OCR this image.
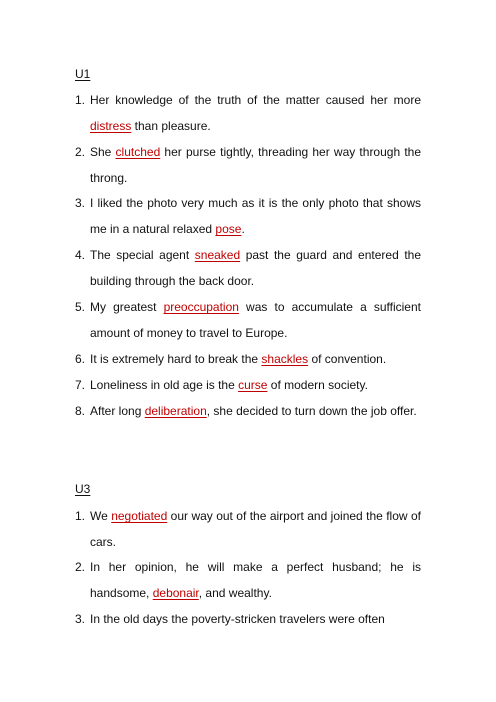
U1
1. Her knowledge of the truth of the matter caused her more distress than pleasure.
2. She clutched her purse tightly, threading her way through the throng.
3. I liked the photo very much as it is the only photo that shows me in a natural relaxed pose.
4. The special agent sneaked past the guard and entered the building through the back door.
5. My greatest preoccupation was to accumulate a sufficient amount of money to travel to Europe.
6. It is extremely hard to break the shackles of convention.
7. Loneliness in old age is the curse of modern society.
8. After long deliberation, she decided to turn down the job offer.
U3
1. We negotiated our way out of the airport and joined the flow of cars.
2. In her opinion, he will make a perfect husband; he is handsome, debonair, and wealthy.
3. In the old days the poverty-stricken travelers were often
